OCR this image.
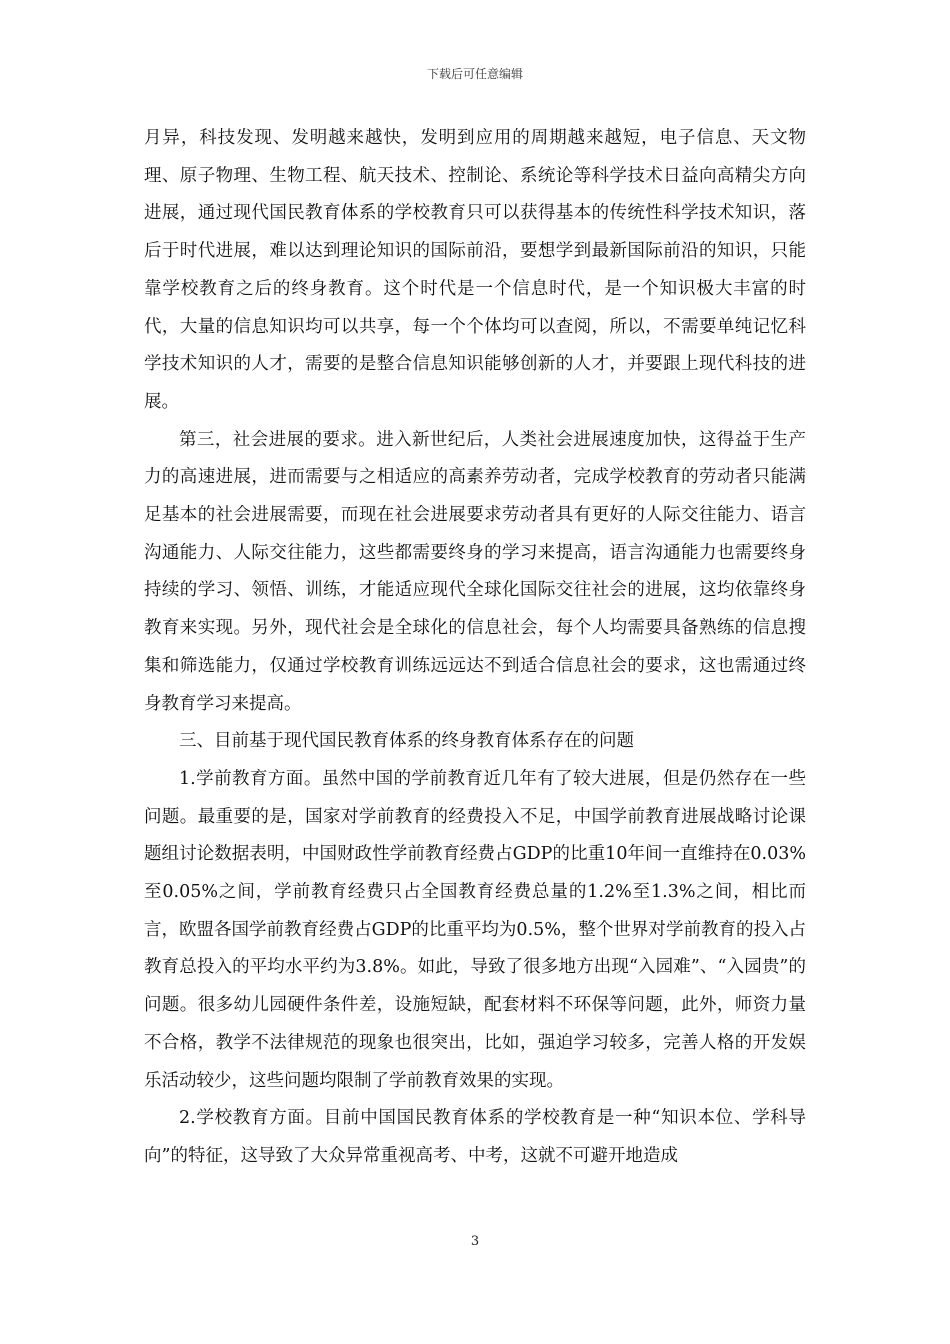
下载后可任意编辑

月异，科技发现、发明越来越快，发明到应用的周期越来越短，电子信息、天文物理、原子物理、生物工程、航天技术、控制论、系统论等科学技术日益向高精尖方向进展，通过现代国民教育体系的学校教育只可以获得基本的传统性科学技术知识，落后于时代进展，难以达到理论知识的国际前沿，要想学到最新国际前沿的知识，只能靠学校教育之后的终身教育。这个时代是一个信息时代，是一个知识极大丰富的时代，大量的信息知识均可以共享，每一个个体均可以查阅，所以，不需要单纯记忆科学技术知识的人才，需要的是整合信息知识能够创新的人才，并要跟上现代科技的进展。

第三，社会进展的要求。进入新世纪后，人类社会进展速度加快，这得益于生产力的高速进展，进而需要与之相适应的高素养劳动者，完成学校教育的劳动者只能满足基本的社会进展需要，而现在社会进展要求劳动者具有更好的人际交往能力、语言沟通能力、人际交往能力，这些都需要终身的学习来提高，语言沟通能力也需要终身持续的学习、领悟、训练，才能适应现代全球化国际交往社会的进展，这均依靠终身教育来实现。另外，现代社会是全球化的信息社会，每个人均需要具备熟练的信息搜集和筛选能力，仅通过学校教育训练远远达不到适合信息社会的要求，这也需通过终身教育学习来提高。

三、目前基于现代国民教育体系的终身教育体系存在的问题

1.学前教育方面。虽然中国的学前教育近几年有了较大进展，但是仍然存在一些问题。最重要的是，国家对学前教育的经费投入不足，中国学前教育进展战略讨论课题组讨论数据表明，中国财政性学前教育经费占GDP的比重10年间一直维持在0.03%至0.05%之间，学前教育经费只占全国教育经费总量的1.2%至1.3%之间，相比而言，欧盟各国学前教育经费占GDP的比重平均为0.5%，整个世界对学前教育的投入占教育总投入的平均水平约为3.8%。如此，导致了很多地方出现“入园难”、“入园贵”的问题。很多幼儿园硬件条件差，设施短缺，配套材料不环保等问题，此外，师资力量不合格，教学不法律规范的现象也很突出，比如，强迫学习较多，完善人格的开发娱乐活动较少，这些问题均限制了学前教育效果的实现。

2.学校教育方面。目前中国国民教育体系的学校教育是一种“知识本位、学科导向”的特征，这导致了大众异常重视高考、中考，这就不可避开地造成

3
